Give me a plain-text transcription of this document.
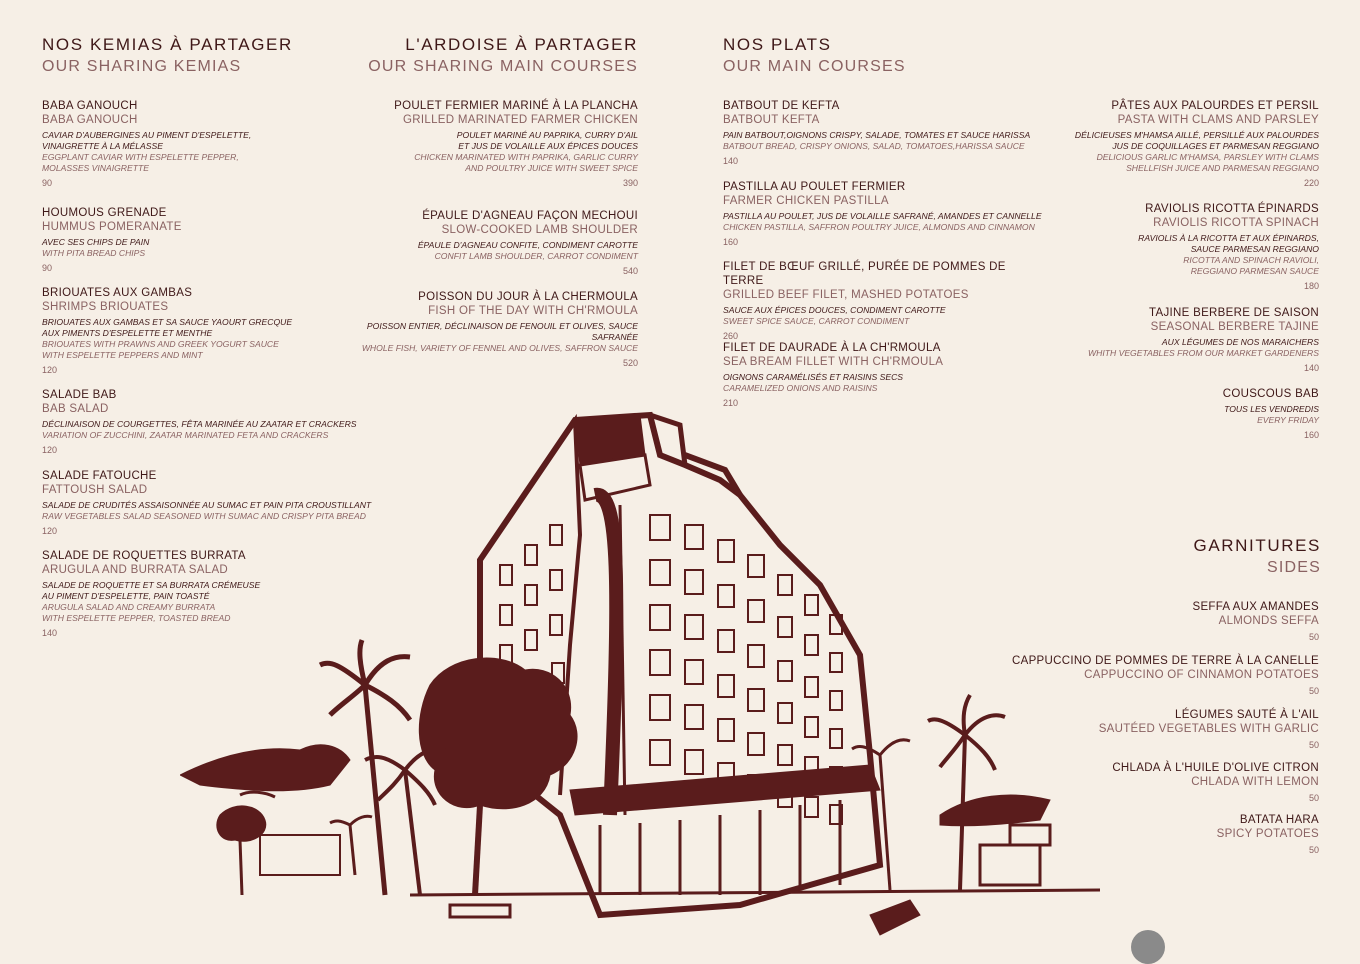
NOS KEMIAS À PARTAGER
OUR SHARING KEMIAS
L'ARDOISE À PARTAGER
OUR SHARING MAIN COURSES
NOS PLATS
OUR MAIN COURSES
BABA GANOUCH
BABA GANOUCH
CAVIAR D'AUBERGINES AU PIMENT D'ESPELETTE,
VINAIGRETTE À LA MÉLASSE
EGGPLANT CAVIAR WITH ESPELETTE PEPPER,
MOLASSES VINAIGRETTE
90
HOUMOUS GRENADE
HUMMUS POMERANATE
AVEC SES CHIPS DE PAIN
WITH PITA BREAD CHIPS
90
BRIOUATES AUX GAMBAS
SHRIMPS BRIOUATES
BRIOUATES AUX GAMBAS ET SA SAUCE YAOURT GRECQUE
AUX PIMENTS D'ESPELETTE ET MENTHE
BRIOUATES WITH PRAWNS AND GREEK YOGURT SAUCE
WITH ESPELETTE PEPPERS AND MINT
120
SALADE BAB
BAB SALAD
DÉCLINAISON DE COURGETTES, FÊTA MARINÉE AU ZAATAR ET CRACKERS
VARIATION OF ZUCCHINI, ZAATAR MARINATED FETA AND CRACKERS
120
SALADE FATOUCHE
FATTOUSH SALAD
SALADE DE CRUDITÉS ASSAISONNÉE AU SUMAC ET PAIN PITA CROUSTILLANT
RAW VEGETABLES SALAD SEASONED WITH SUMAC AND CRISPY PITA BREAD
120
SALADE DE ROQUETTES BURRATA
ARUGULA AND BURRATA SALAD
SALADE DE ROQUETTE ET SA BURRATA CRÉMEUSE
AU PIMENT D'ESPELETTE, PAIN TOASTÉ
ARUGULA SALAD AND CREAMY BURRATA
WITH ESPELETTE PEPPER, TOASTED BREAD
140
POULET FERMIER MARINÉ À LA PLANCHA
GRILLED MARINATED FARMER CHICKEN
POULET MARINÉ AU PAPRIKA, CURRY D'AIL
ET JUS DE VOLAILLE AUX ÉPICES DOUCES
CHICKEN MARINATED WITH PAPRIKA, GARLIC CURRY
AND POULTRY JUICE WITH SWEET SPICE
390
ÉPAULE D'AGNEAU FAÇON MECHOUI
SLOW-COOKED LAMB SHOULDER
ÉPAULE D'AGNEAU CONFITE, CONDIMENT CAROTTE
CONFIT LAMB SHOULDER, CARROT CONDIMENT
540
POISSON DU JOUR À LA CHERMOULA
FISH OF THE DAY WITH CH'RMOULA
POISSON ENTIER, DÉCLINAISON DE FENOUIL ET OLIVES, SAUCE SAFRANÉE
WHOLE FISH, VARIETY OF FENNEL AND OLIVES, SAFFRON SAUCE
520
BATBOUT DE KEFTA
BATBOUT KEFTA
PAIN BATBOUT,OIGNONS CRISPY, SALADE, TOMATES ET SAUCE HARISSA
BATBOUT BREAD, CRISPY ONIONS, SALAD, TOMATOES,HARISSA SAUCE
140
PASTILLA AU POULET FERMIER
FARMER CHICKEN PASTILLA
PASTILLA AU POULET, JUS DE VOLAILLE SAFRANÉ, AMANDES ET CANNELLE
CHICKEN PASTILLA, SAFFRON POULTRY JUICE, ALMONDS AND CINNAMON
160
FILET DE BŒUF GRILLÉ, PURÉE DE POMMES DE TERRE
GRILLED BEEF FILET, MASHED POTATOES
SAUCE AUX ÉPICES DOUCES, CONDIMENT CAROTTE
SWEET SPICE SAUCE, CARROT CONDIMENT
260
FILET DE DAURADE À LA CH'RMOULA
SEA BREAM FILLET WITH CH'RMOULA
OIGNONS CARAMÉLISÉS ET RAISINS SECS
CARAMELIZED ONIONS AND RAISINS
210
PÂTES AUX PALOURDES ET PERSIL
PASTA WITH CLAMS AND PARSLEY
DÉLICIEUSES M'HAMSA AILLÉ, PERSILLÉ AUX PALOURDES
JUS DE COQUILLAGES ET PARMESAN REGGIANO
DELICIOUS GARLIC M'HAMSA, PARSLEY WITH CLAMS
SHELLFISH JUICE AND PARMESAN REGGIANO
220
RAVIOLIS RICOTTA ÉPINARDS
RAVIOLIS RICOTTA SPINACH
RAVIOLIS À LA RICOTTA ET AUX ÉPINARDS,
SAUCE PARMESAN REGGIANO
RICOTTA AND SPINACH RAVIOLI,
REGGIANO PARMESAN SAUCE
180
TAJINE BERBERE DE SAISON
SEASONAL BERBERE TAJINE
AUX LÉGUMES DE NOS MARAICHERS
WHITH VEGETABLES FROM OUR MARKET GARDENERS
140
COUSCOUS BAB
TOUS LES VENDREDIS
EVERY FRIDAY
160
GARNITURES
SIDES
SEFFA AUX AMANDES
ALMONDS SEFFA
50
CAPPUCCINO DE POMMES DE TERRE À LA CANELLE
CAPPUCCINO OF CINNAMON POTATOES
50
LÉGUMES SAUTÉ À L'AIL
SAUTÉED VEGETABLES WITH GARLIC
50
CHLADA À L'HUILE D'OLIVE CITRON
CHLADA WITH LEMON
50
BATATA HARA
SPICY POTATOES
50
